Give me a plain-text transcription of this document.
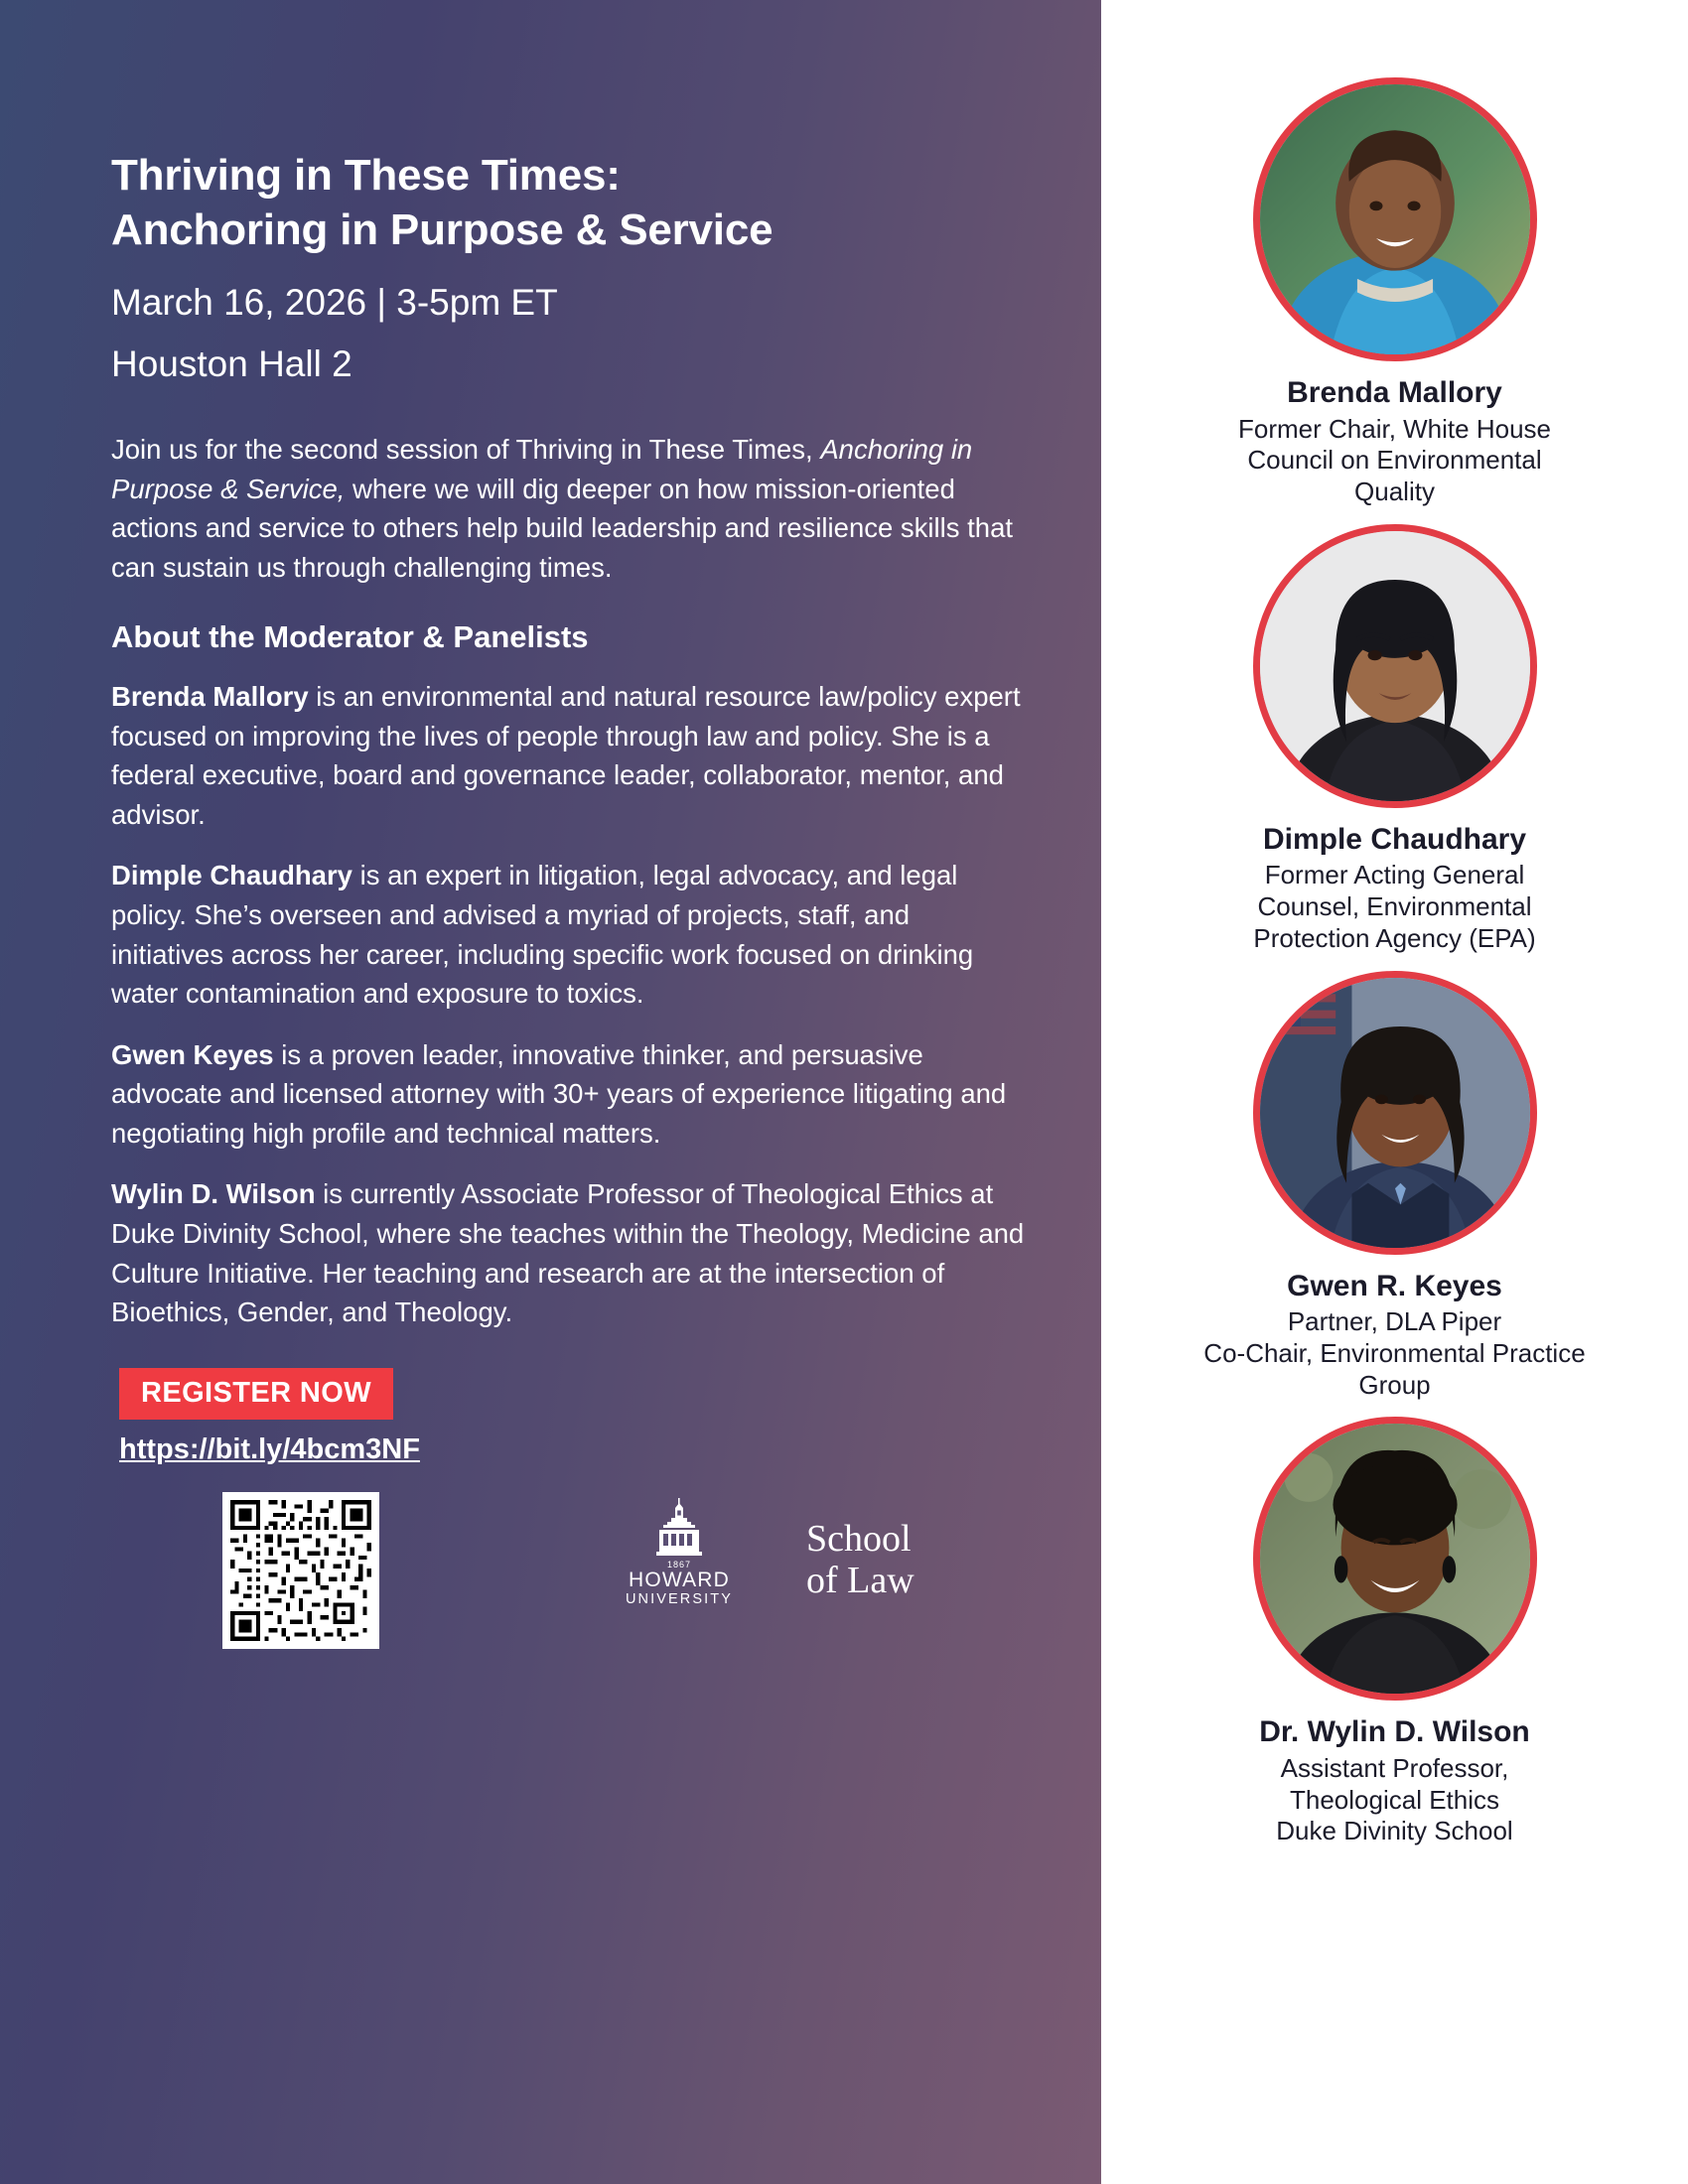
Thriving in These Times:
Anchoring in Purpose & Service
March 16, 2026 | 3-5pm ET
Houston Hall 2

Join us for the second session of Thriving in These Times, Anchoring in Purpose & Service, where we will dig deeper on how mission-oriented actions and service to others help build leadership and resilience skills that can sustain us through challenging times.

About the Moderator & Panelists

Brenda Mallory is an environmental and natural resource law/policy expert focused on improving the lives of people through law and policy. She is a federal executive, board and governance leader, collaborator, mentor, and advisor.

Dimple Chaudhary is an expert in litigation, legal advocacy, and legal policy. She’s overseen and advised a myriad of projects, staff, and initiatives across her career, including specific work focused on drinking water contamination and exposure to toxics.

Gwen Keyes is a proven leader, innovative thinker, and persuasive advocate and licensed attorney with 30+ years of experience litigating and negotiating high profile and technical matters.

Wylin D. Wilson is currently Associate Professor of Theological Ethics at Duke Divinity School, where she teaches within the Theology, Medicine and Culture Initiative. Her teaching and research are at the intersection of Bioethics, Gender, and Theology.

REGISTER NOW
https://bit.ly/4bcm3NF
1867
HOWARD
UNIVERSITY
School
of Law
Brenda Mallory
Former Chair, White House
Council on Environmental
Quality
Dimple Chaudhary
Former Acting General
Counsel, Environmental
Protection Agency (EPA)
Gwen R. Keyes
Partner, DLA Piper
Co-Chair, Environmental Practice
Group
Dr. Wylin D. Wilson
Assistant Professor,
Theological Ethics
Duke Divinity School
